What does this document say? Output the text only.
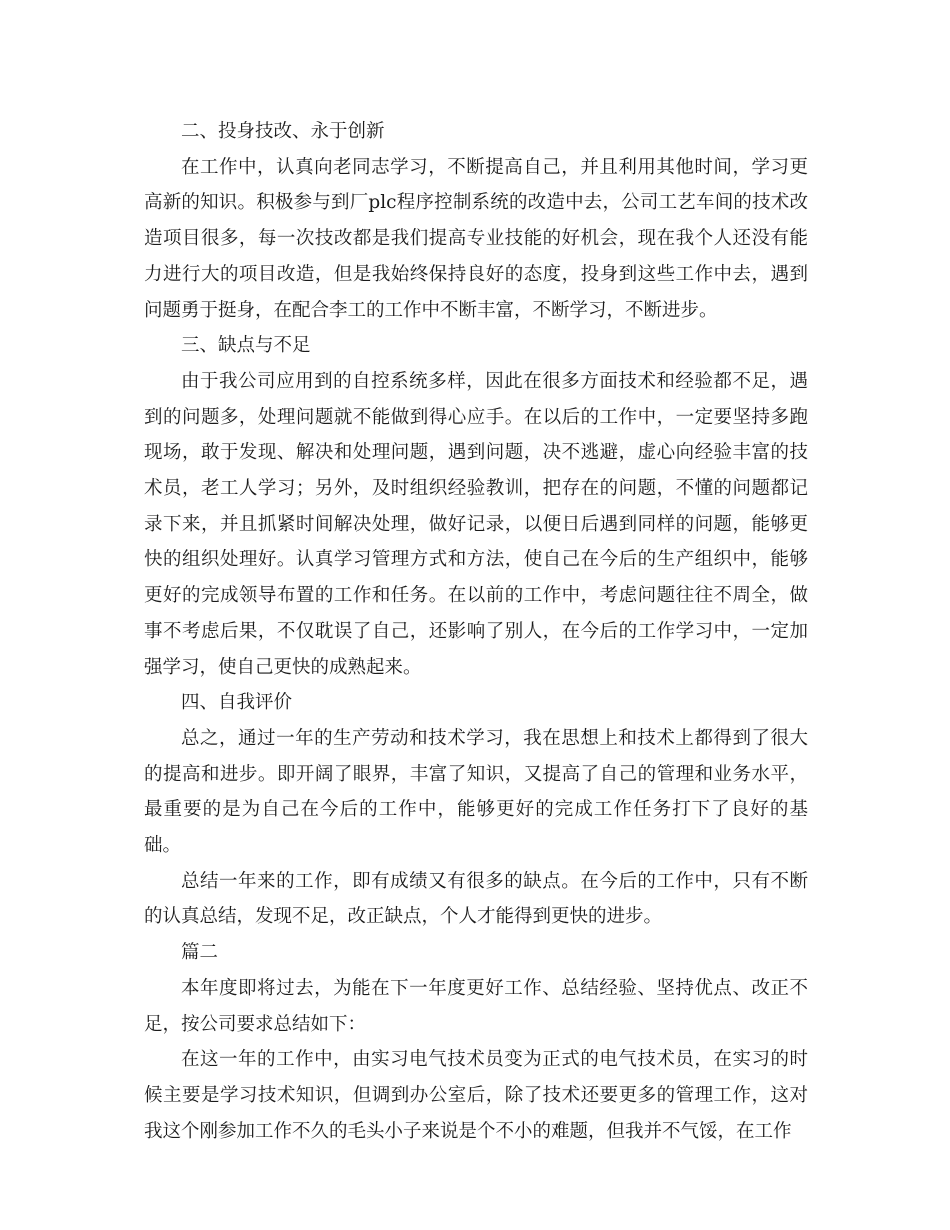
二、投身技改、永于创新

在工作中，认真向老同志学习，不断提高自己，并且利用其他时间，学习更高新的知识。积极参与到厂plc程序控制系统的改造中去，公司工艺车间的技术改造项目很多，每一次技改都是我们提高专业技能的好机会，现在我个人还没有能力进行大的项目改造，但是我始终保持良好的态度，投身到这些工作中去，遇到问题勇于挺身，在配合李工的工作中不断丰富，不断学习，不断进步。

三、缺点与不足

由于我公司应用到的自控系统多样，因此在很多方面技术和经验都不足，遇到的问题多，处理问题就不能做到得心应手。在以后的工作中，一定要坚持多跑现场，敢于发现、解决和处理问题，遇到问题，决不逃避，虚心向经验丰富的技术员，老工人学习；另外，及时组织经验教训，把存在的问题，不懂的问题都记录下来，并且抓紧时间解决处理，做好记录，以便日后遇到同样的问题，能够更快的组织处理好。认真学习管理方式和方法，使自己在今后的生产组织中，能够更好的完成领导布置的工作和任务。在以前的工作中，考虑问题往往不周全，做事不考虑后果，不仅耽误了自己，还影响了别人，在今后的工作学习中，一定加强学习，使自己更快的成熟起来。

四、自我评价

总之，通过一年的生产劳动和技术学习，我在思想上和技术上都得到了很大的提高和进步。即开阔了眼界，丰富了知识，又提高了自己的管理和业务水平，最重要的是为自己在今后的工作中，能够更好的完成工作任务打下了良好的基础。

总结一年来的工作，即有成绩又有很多的缺点。在今后的工作中，只有不断的认真总结，发现不足，改正缺点，个人才能得到更快的进步。

篇二

本年度即将过去，为能在下一年度更好工作、总结经验、坚持优点、改正不足，按公司要求总结如下：

在这一年的工作中，由实习电气技术员变为正式的电气技术员，在实习的时候主要是学习技术知识，但调到办公室后，除了技术还要更多的管理工作，这对我这个刚参加工作不久的毛头小子来说是个不小的难题，但我并不气馁，在工作
